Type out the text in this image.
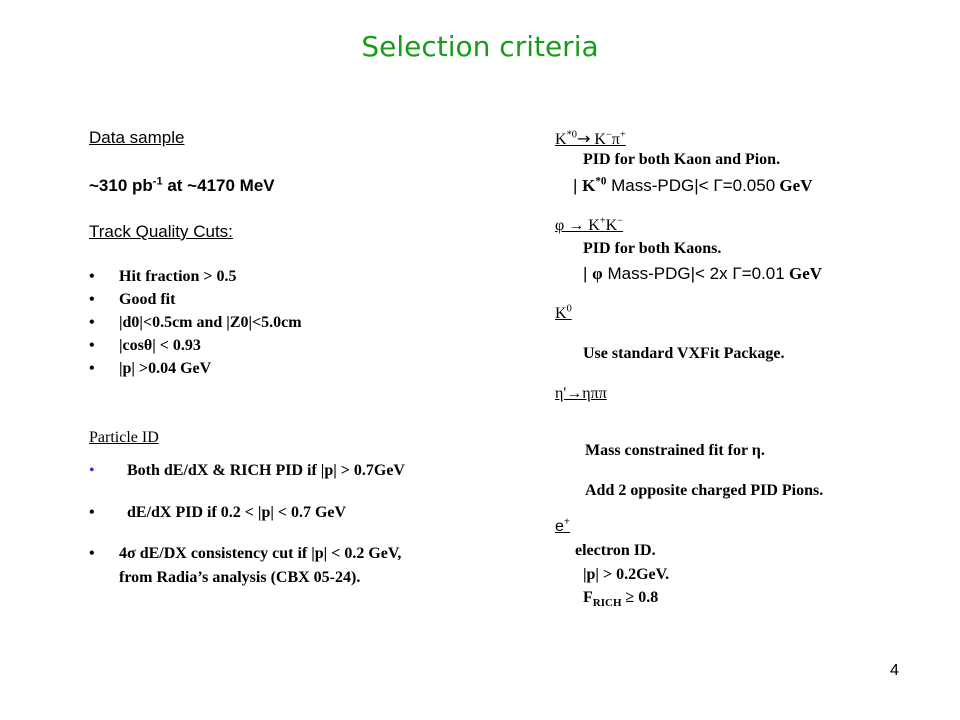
Selection criteria
Data sample
~310 $pb^{-1}$ at ~4170 MeV
Track Quality Cuts:
• Hit fraction > 0.5
• Good fit
• |d0|<0.5cm and |Z0|<5.0cm
• |cosθ| < 0.93
• |p| >0.04 GeV
Particle ID
• Both dE/dX & RICH PID if |p| > 0.7GeV
• dE/dX PID if 0.2 < |p| < 0.7 GeV
• 4σ dE/DX consistency cut if |p| < 0.2 GeV,
from Radia’s analysis (CBX 05-24).
$K^{*0}\to K^-\pi^+$
PID for both Kaon and Pion.
| $K^{*0}$ Mass-PDG|< Γ=0.050 GeV
φ → K+K−
PID for both Kaons.
| φ Mass-PDG|< 2x Γ=0.01 GeV
$K^0$
Use standard VXFit Package.
η'→ηππ
Mass constrained fit for η.
Add 2 opposite charged PID Pions.
e+
electron ID.
|p| > 0.2GeV.
$F_{RICH} \ge 0.8$
4
